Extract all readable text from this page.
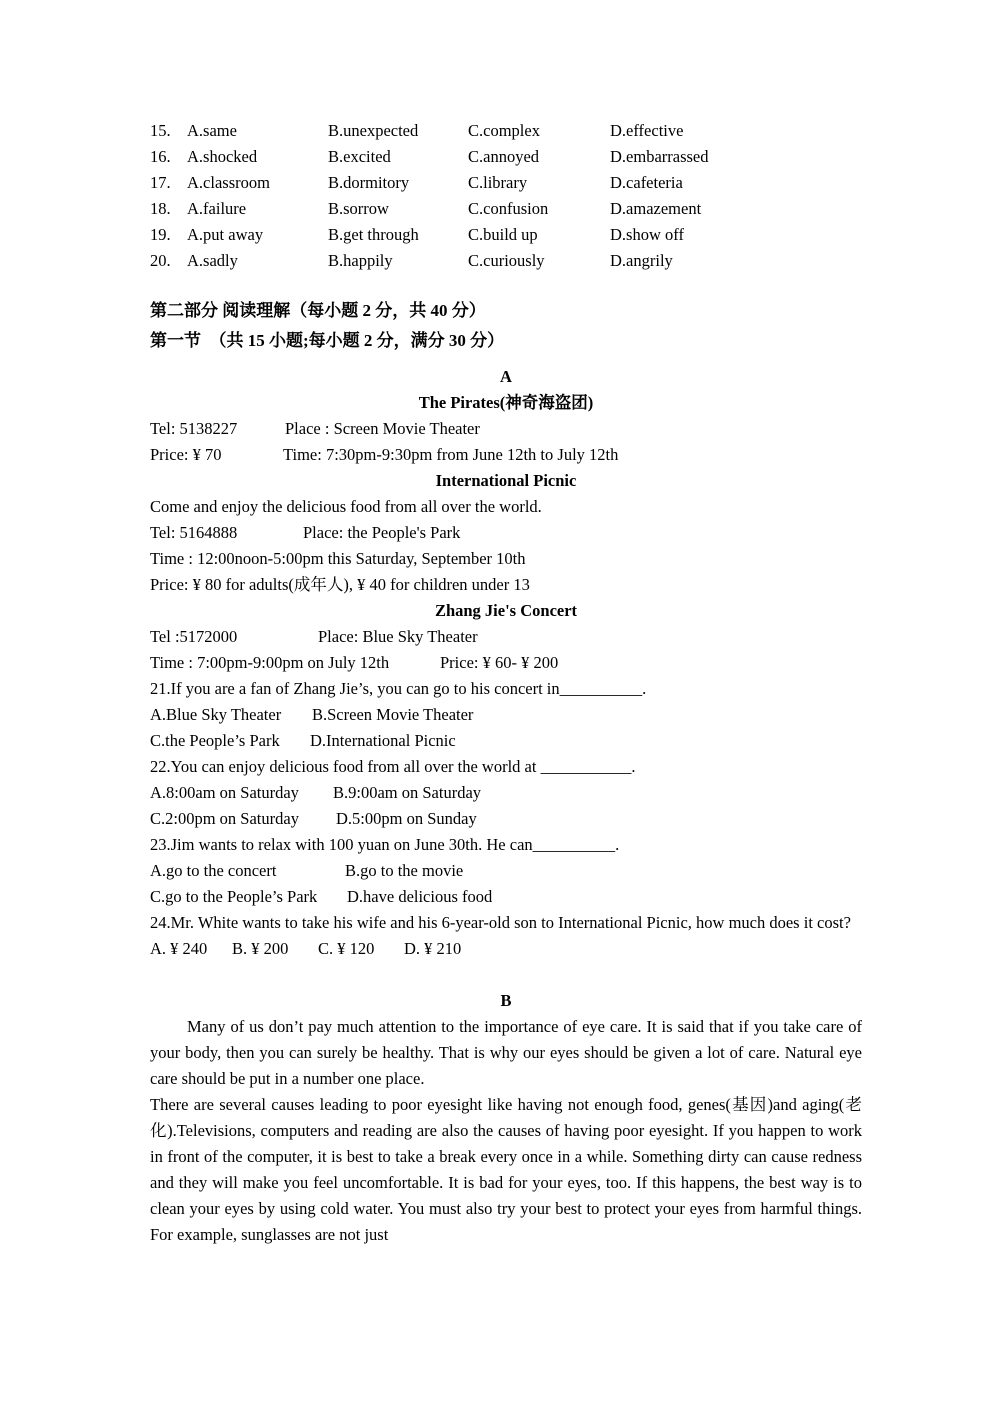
15. A.same	B.unexpected	C.complex	D.effective
16. A.shocked	B.excited	C.annoyed	D.embarrassed
17. A.classroom	B.dormitory	C.library	D.cafeteria
18. A.failure	B.sorrow	C.confusion	D.amazement
19. A.put away	B.get through	C.build up	D.show off
20. A.sadly	B.happily	C.curiously	D.angrily
第二部分 阅读理解（每小题 2 分，共 40 分）
第一节　（共 15 小题;每小题 2 分，满分 30 分）
A
The Pirates(神奇海盗团)
Tel: 5138227	Place : Screen Movie Theater
Price: ¥ 70	Time: 7:30pm-9:30pm from June 12th to July 12th
International Picnic
Come and enjoy the delicious food from all over the world.
Tel: 5164888	Place: the People's Park
Time : 12:00noon-5:00pm this Saturday, September 10th
Price: ¥ 80 for adults(成年人), ¥ 40 for children under 13
Zhang Jie's Concert
Tel :5172000	Place: Blue Sky Theater
Time : 7:00pm-9:00pm on July 12th	Price: ¥ 60- ¥ 200
21.If you are a fan of Zhang Jie’s, you can go to his concert in__________.
A.Blue Sky Theater B.Screen Movie Theater
C.the People’s Park D.International Picnic
22.You can enjoy delicious food from all over the world at ___________.
A.8:00am on Saturday B.9:00am on Saturday
C.2:00pm on Saturday D.5:00pm on Sunday
23.Jim wants to relax with 100 yuan on June 30th. He can__________.
A.go to the concert	B.go to the movie
C.go to the People’s Park D.have delicious food
24.Mr. White wants to take his wife and his 6-year-old son to International Picnic, how much does it cost?
A. ¥ 240 B. ¥ 200 C. ¥ 120 D. ¥ 210
B
Many of us don’t pay much attention to the importance of eye care. It is said that if you take care of your body, then you can surely be healthy. That is why our eyes should be given a lot of care. Natural eye care should be put in a number one place.
There are several causes leading to poor eyesight like having not enough food, genes(基因)and aging(老化).Televisions, computers and reading are also the causes of having poor eyesight. If you happen to work in front of the computer, it is best to take a break every once in a while. Something dirty can cause redness and they will make you feel uncomfortable. It is bad for your eyes, too. If this happens, the best way is to clean your eyes by using cold water. You must also try your best to protect your eyes from harmful things. For example, sunglasses are not just
